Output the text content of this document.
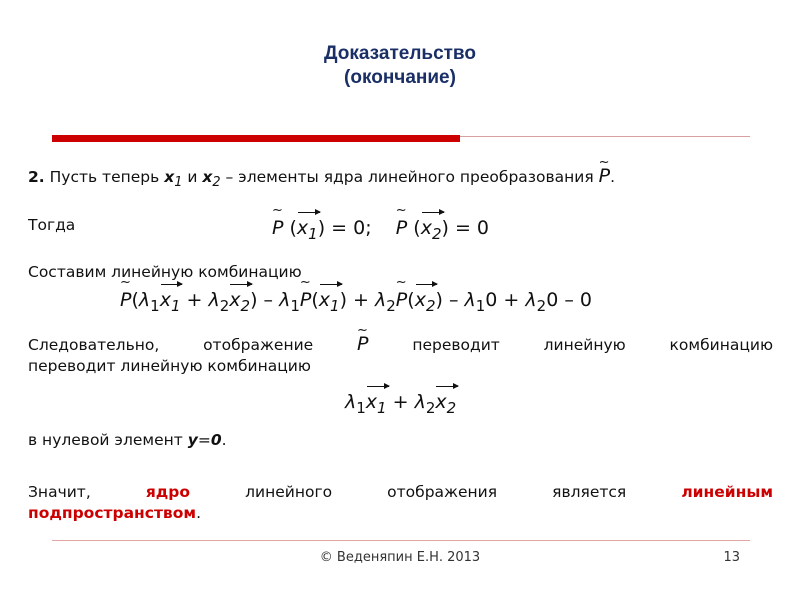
Доказательство
(окончание)

2. Пусть теперь $x_1$ и $x_2$ – элементы ядра линейного преобразования ~ P.

Тогда	~ P $(x_1) = 0$; ~ P $(x_2) = 0$

Составим линейную комбинацию

~ $P(\lambda_1x_1 + \lambda_2x_2)$ – $\lambda_1\sim$ $P(x_1)$ + $\lambda_2\sim$ $P(x_2) - \lambda_10 + \lambda_20 - 0$

Следовательно, отображение ~ P	переводит линейную комбинацию

переводит линейную комбинацию

$\lambda_1x_1 + \lambda_2x_2$

в нулевой элемент y=0.

Значит,	ядро	линейного	отображения	является	линейным

подпространством.

© Веденяпин Е.Н. 2013	13
